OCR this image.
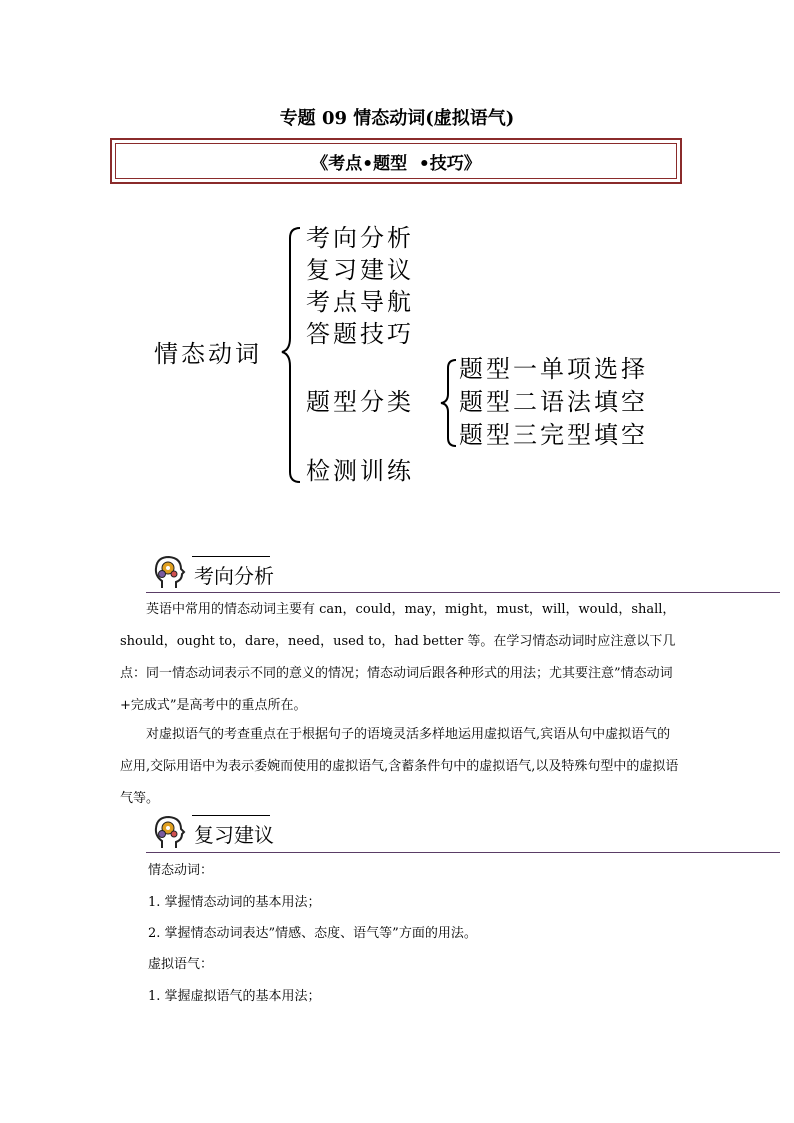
专题 09 情态动词(虚拟语气)
《考点•题型  •技巧》
情态动词
考向分析
复习建议
考点导航
答题技巧
题型分类
检测训练
题型一单项选择
题型二语法填空
题型三完型填空
考向分析

英语中常用的情态动词主要有 can，could，may，might，must，will，would，shall，should，ought to，dare，need，used to，had better 等。在学习情态动词时应注意以下几点：同一情态动词表示不同的意义的情况；情态动词后跟各种形式的用法；尤其要注意”情态动词+完成式”是高考中的重点所在。

对虚拟语气的考查重点在于根据句子的语境灵活多样地运用虚拟语气,宾语从句中虚拟语气的应用,交际用语中为表示委婉而使用的虚拟语气,含蓄条件句中的虚拟语气,以及特殊句型中的虚拟语气等。

复习建议
情态动词：
1. 掌握情态动词的基本用法；
2. 掌握情态动词表达”情感、态度、语气等”方面的用法。
虚拟语气：
1. 掌握虚拟语气的基本用法；
